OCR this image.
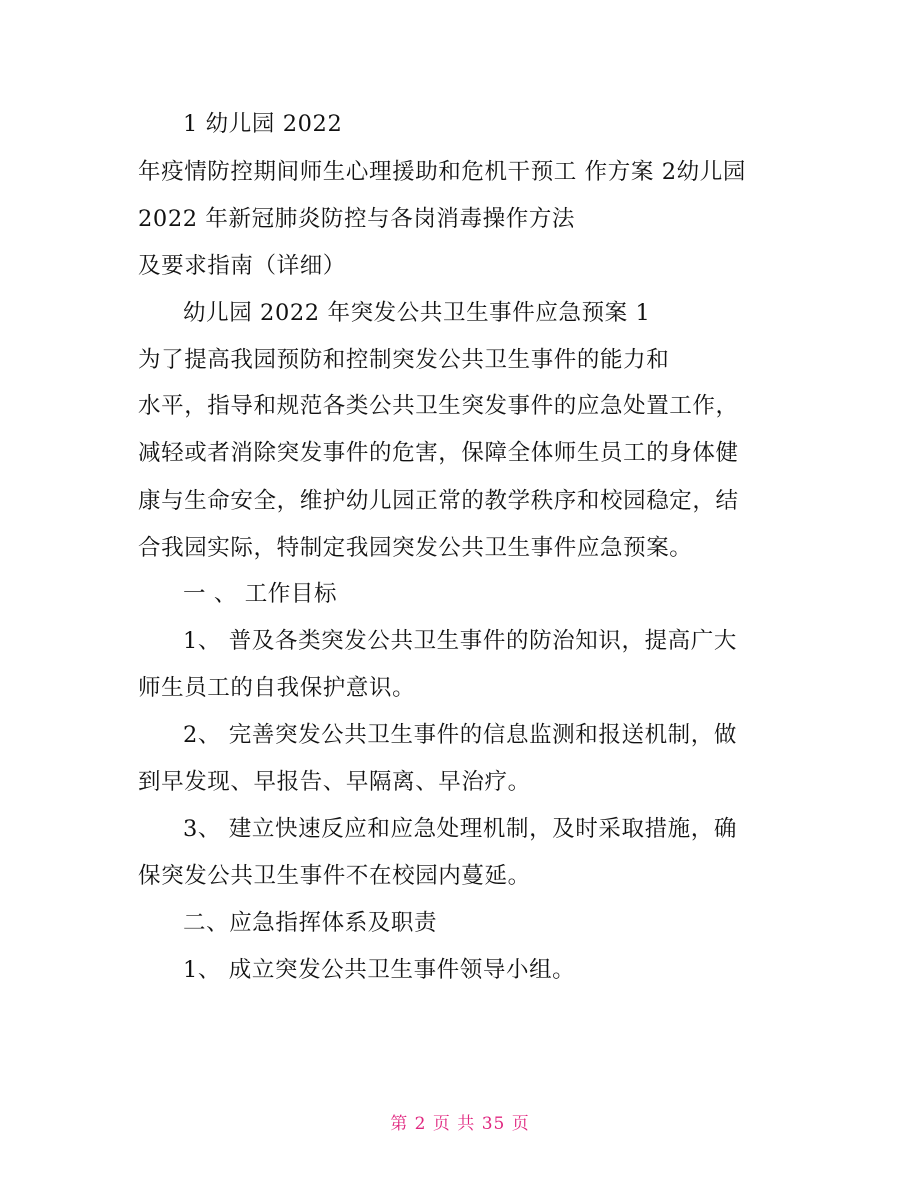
1 幼儿园 2022
年疫情防控期间师生心理援助和危机干预工 作方案 2幼儿园
2022 年新冠肺炎防控与各岗消毒操作方法
及要求指南（详细）
幼儿园 2022 年突发公共卫生事件应急预案 1
为了提高我园预防和控制突发公共卫生事件的能力和
水平，指导和规范各类公共卫生突发事件的应急处置工作，
减轻或者消除突发事件的危害，保障全体师生员工的身体健
康与生命安全，维护幼儿园正常的教学秩序和校园稳定，结
合我园实际，特制定我园突发公共卫生事件应急预案。
一 、 工作目标
1、 普及各类突发公共卫生事件的防治知识，提高广大
师生员工的自我保护意识。
2、 完善突发公共卫生事件的信息监测和报送机制，做
到早发现、早报告、早隔离、早治疗。
3、 建立快速反应和应急处理机制，及时采取措施，确
保突发公共卫生事件不在校园内蔓延。
二、应急指挥体系及职责
1、 成立突发公共卫生事件领导小组。
第 2 页 共 35 页
